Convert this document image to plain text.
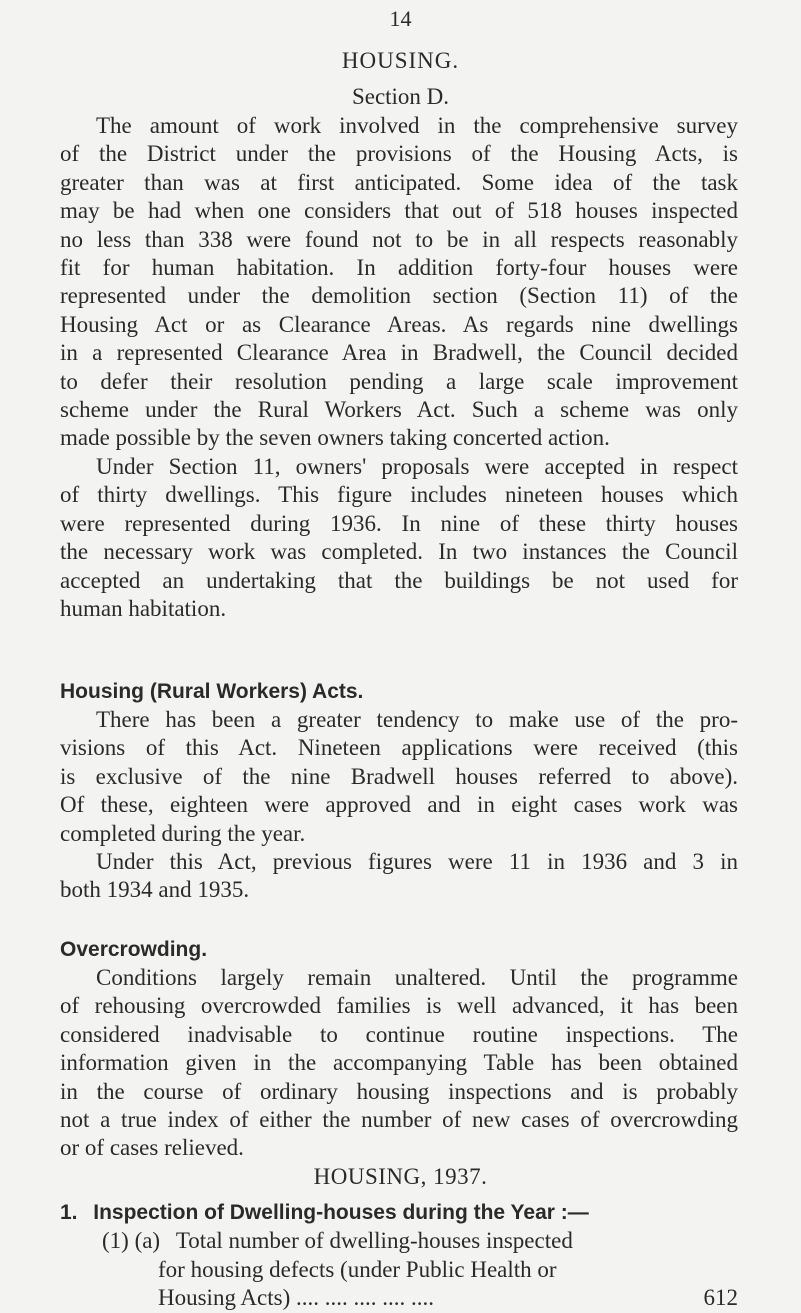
14
HOUSING.
Section D.

The amount of work involved in the comprehensive survey
of the District under the provisions of the Housing Acts, is
greater than was at first anticipated. Some idea of the task
may be had when one considers that out of 518 houses inspected
no less than 338 were found not to be in all respects reasonably
fit for human habitation. In addition forty-four houses were
represented under the demolition section (Section 11) of the
Housing Act or as Clearance Areas. As regards nine dwellings
in a represented Clearance Area in Bradwell, the Council decided
to defer their resolution pending a large scale improvement
scheme under the Rural Workers Act. Such a scheme was only
made possible by the seven owners taking concerted action.

Under Section 11, owners' proposals were accepted in respect
of thirty dwellings. This figure includes nineteen houses which
were represented during 1936. In nine of these thirty houses
the necessary work was completed. In two instances the Council
accepted an undertaking that the buildings be not used for
human habitation.

Housing (Rural Workers) Acts.

There has been a greater tendency to make use of the pro-
visions of this Act. Nineteen applications were received (this
is exclusive of the nine Bradwell houses referred to above).
Of these, eighteen were approved and in eight cases work was
completed during the year.

Under this Act, previous figures were 11 in 1936 and 3 in
both 1934 and 1935.

Overcrowding.

Conditions largely remain unaltered. Until the programme
of rehousing overcrowded families is well advanced, it has been
considered inadvisable to continue routine inspections. The
information given in the accompanying Table has been obtained
in the course of ordinary housing inspections and is probably
not a true index of either the number of new cases of overcrowding
or of cases relieved.

HOUSING, 1937.
1. Inspection of Dwelling-houses during the Year :—
(1) (a) Total number of dwelling-houses inspected
for housing defects (under Public Health or
Housing Acts) .... .... .... .... ....	612
